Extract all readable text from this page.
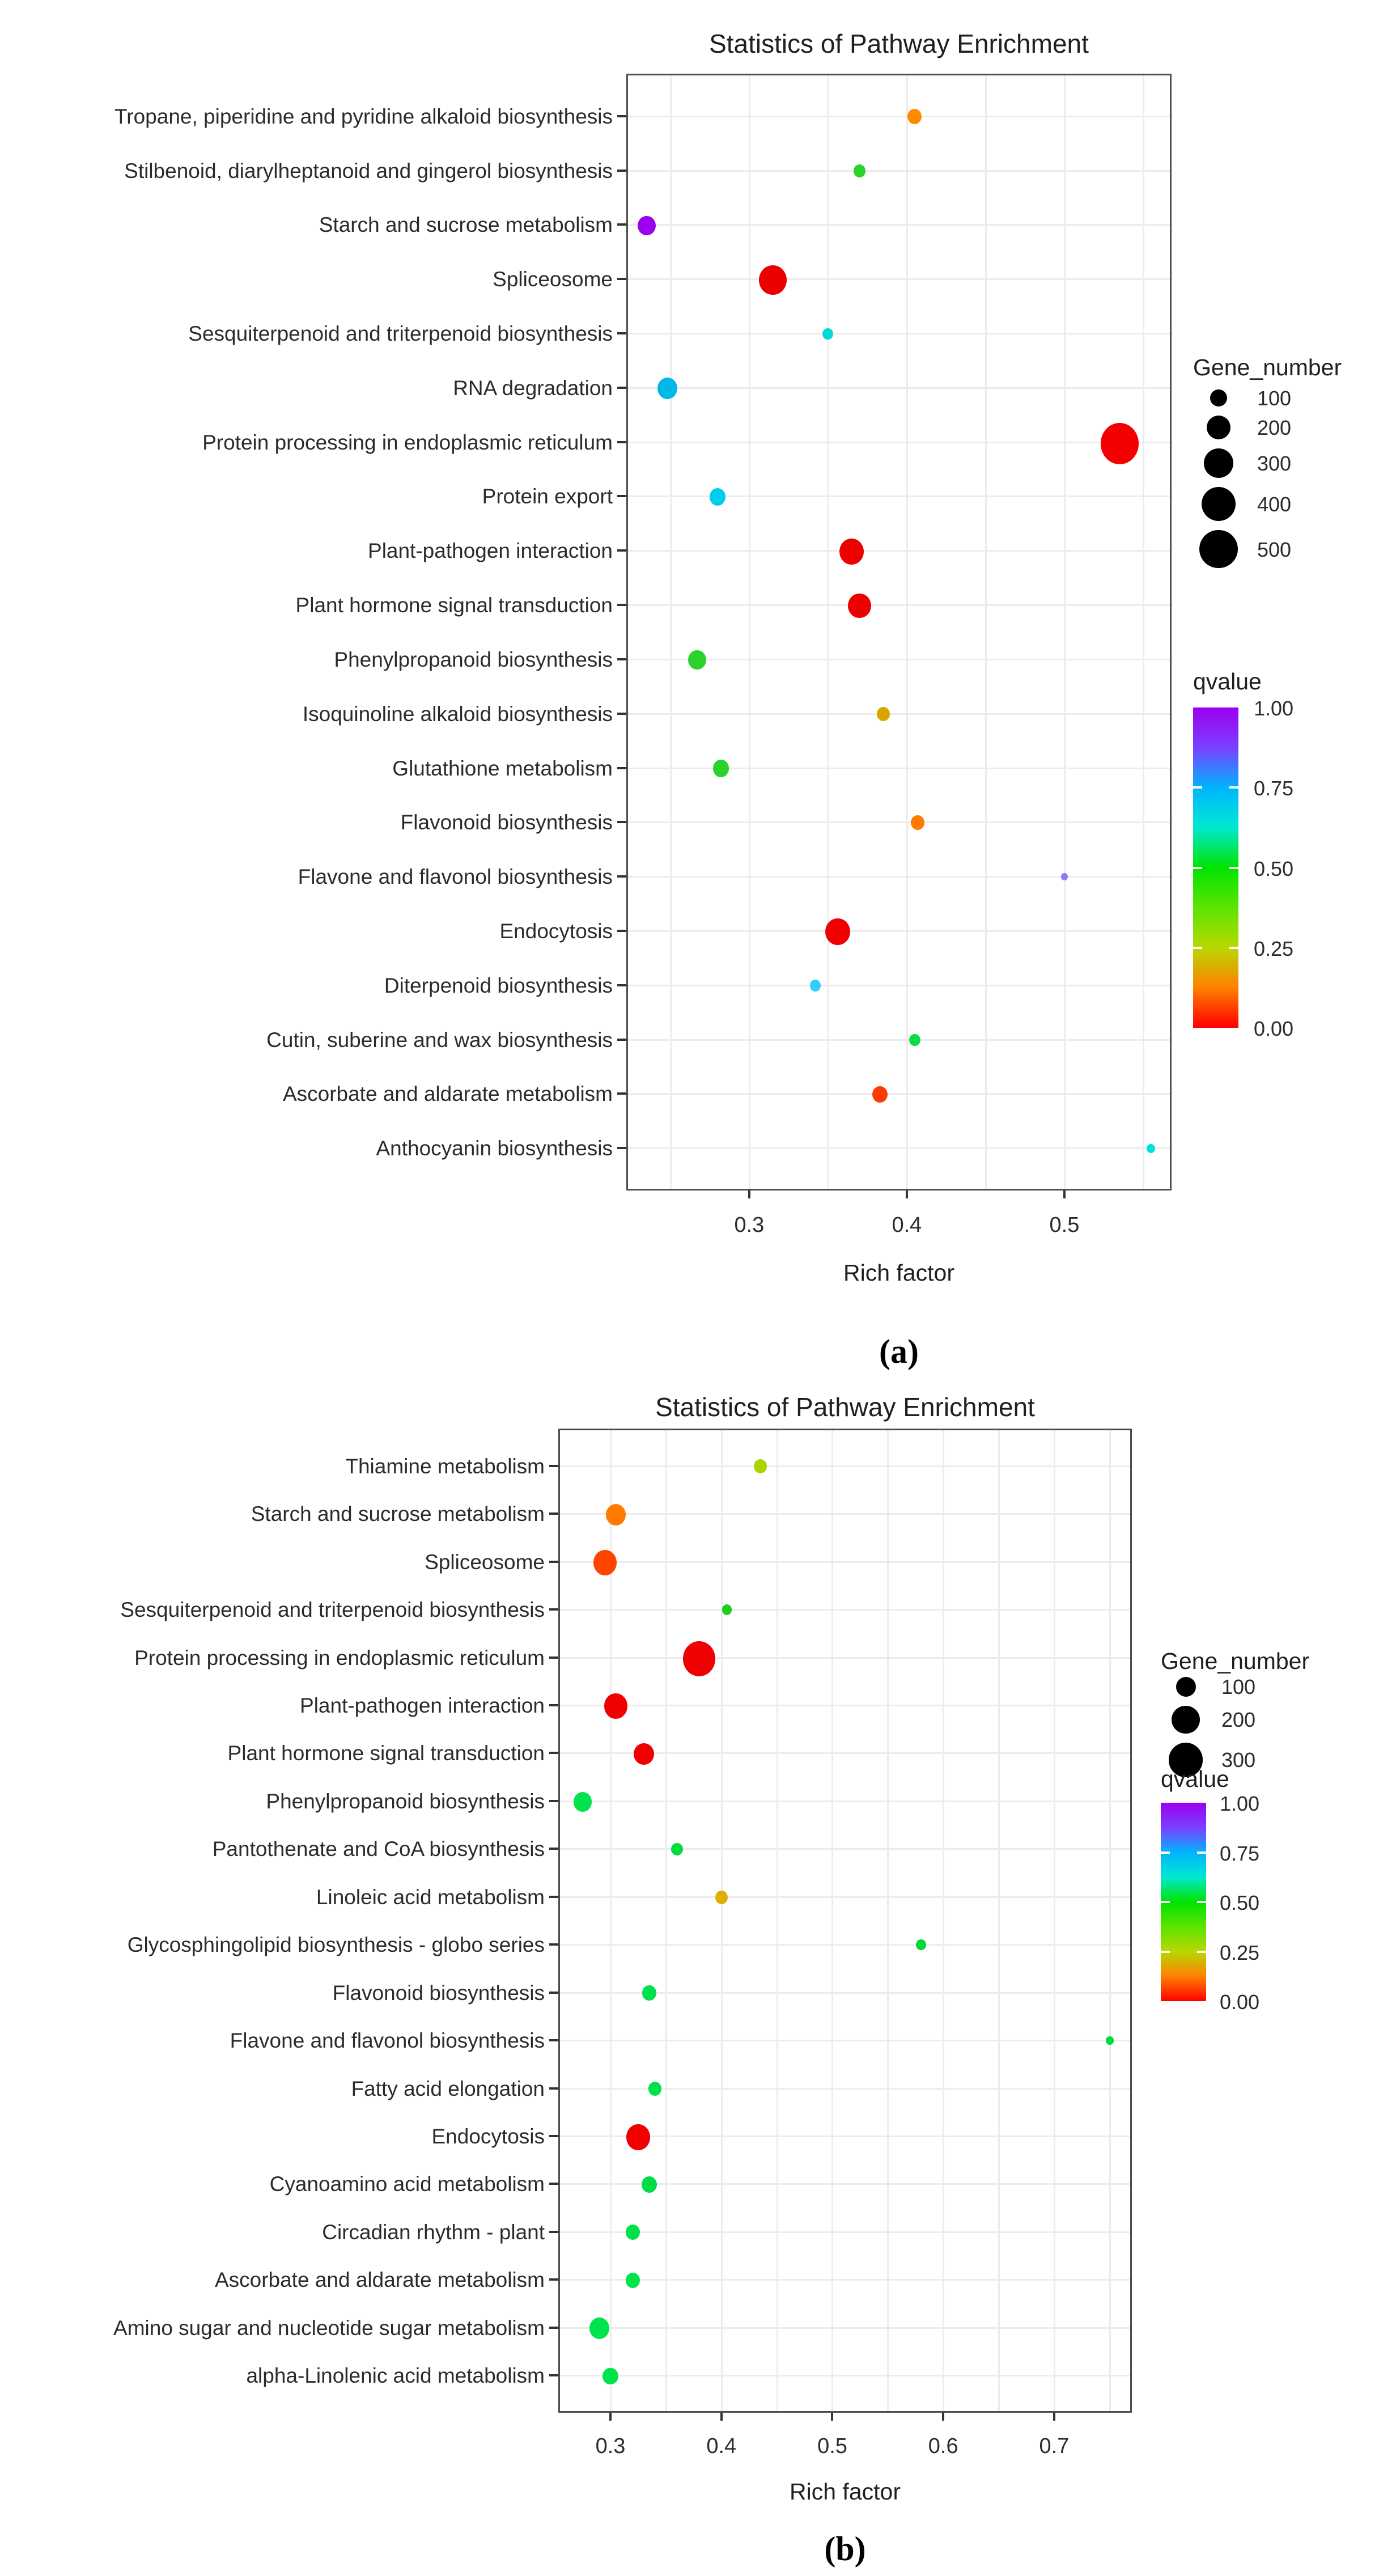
Statistics of Pathway Enrichment
Tropane, piperidine and pyridine alkaloid biosynthesis
Stilbenoid, diarylheptanoid and gingerol biosynthesis
Starch and sucrose metabolism
Spliceosome
Sesquiterpenoid and triterpenoid biosynthesis
RNA degradation
Protein processing in endoplasmic reticulum
Protein export
Plant-pathogen interaction
Plant hormone signal transduction
Phenylpropanoid biosynthesis
Isoquinoline alkaloid biosynthesis
Glutathione metabolism
Flavonoid biosynthesis
Flavone and flavonol biosynthesis
Endocytosis
Diterpenoid biosynthesis
Cutin, suberine and wax biosynthesis
Ascorbate and aldarate metabolism
Anthocyanin biosynthesis
0.3	0.4	0.5
Rich factor
(a)
Gene_number
100
200
300
400
500
qvalue
1.00
0.75
0.50
0.25
0.00
Statistics of Pathway Enrichment
Thiamine metabolism
Starch and sucrose metabolism
Spliceosome
Sesquiterpenoid and triterpenoid biosynthesis
Protein processing in endoplasmic reticulum
Plant-pathogen interaction
Plant hormone signal transduction
Phenylpropanoid biosynthesis
Pantothenate and CoA biosynthesis
Linoleic acid metabolism
Glycosphingolipid biosynthesis - globo series
Flavonoid biosynthesis
Flavone and flavonol biosynthesis
Fatty acid elongation
Endocytosis
Cyanoamino acid metabolism
Circadian rhythm - plant
Ascorbate and aldarate metabolism
Amino sugar and nucleotide sugar metabolism
alpha-Linolenic acid metabolism
0.3	0.4	0.5	0.6	0.7
Rich factor
(b)
Gene_number
100
200
300
qvalue
1.00
0.75
0.50
0.25
0.00
